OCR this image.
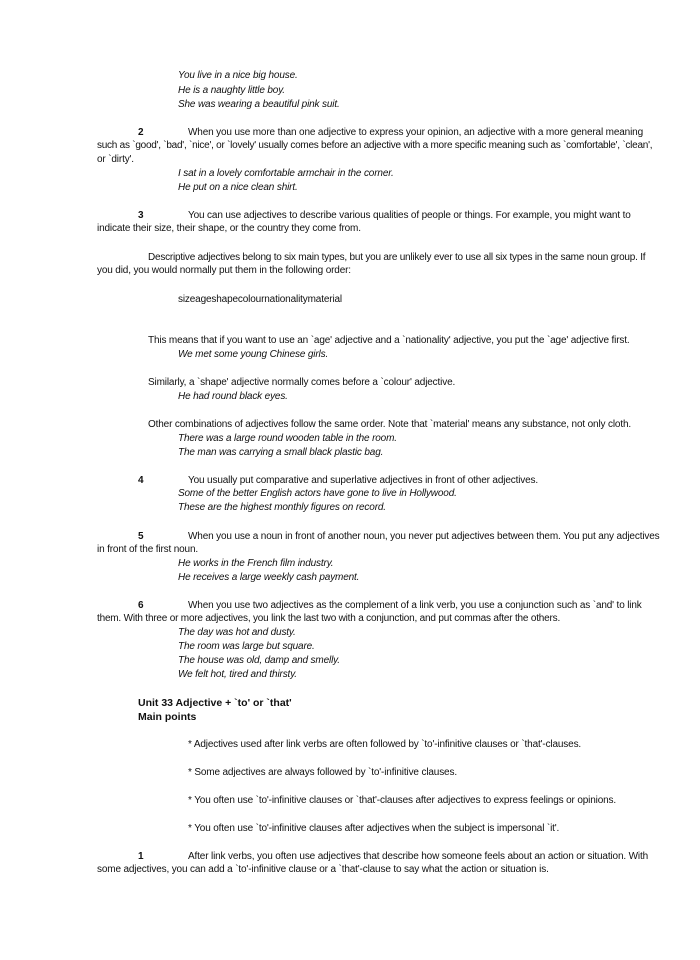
You live in a nice big house.
He is a naughty little boy.
She was wearing a beautiful pink suit.
2	When you use more than one adjective to express your opinion, an adjective with a more general meaning
such as `good', `bad', `nice', or `lovely' usually comes before an adjective with a more specific meaning such as `comfortable', `clean',
or `dirty'.
I sat in a lovely comfortable armchair in the corner.
He put on a nice clean shirt.
3	You can use adjectives to describe various qualities of people or things. For example, you might want to
indicate their size, their shape, or the country they come from.
Descriptive adjectives belong to six main types, but you are unlikely ever to use all six types in the same noun group. If
you did, you would normally put them in the following order:
sizeageshapecolournationalitymaterial
This means that if you want to use an `age' adjective and a `nationality' adjective, you put the `age' adjective first.
We met some young Chinese girls.
Similarly, a `shape' adjective normally comes before a `colour' adjective.
He had round black eyes.
Other combinations of adjectives follow the same order. Note that `material' means any substance, not only cloth.
There was a large round wooden table in the room.
The man was carrying a small black plastic bag.
4	You usually put comparative and superlative adjectives in front of other adjectives.
Some of the better English actors have gone to live in Hollywood.
These are the highest monthly figures on record.
5	When you use a noun in front of another noun, you never put adjectives between them. You put any adjectives
in front of the first noun.
He works in the French film industry.
He receives a large weekly cash payment.
6	When you use two adjectives as the complement of a link verb, you use a conjunction such as `and' to link
them. With three or more adjectives, you link the last two with a conjunction, and put commas after the others.
The day was hot and dusty.
The room was large but square.
The house was old, damp and smelly.
We felt hot, tired and thirsty.
Unit 33 Adjective + `to' or `that'
Main points
* Adjectives used after link verbs are often followed by `to'-infinitive clauses or `that'-clauses.
* Some adjectives are always followed by `to'-infinitive clauses.
* You often use `to'-infinitive clauses or `that'-clauses after adjectives to express feelings or opinions.
* You often use `to'-infinitive clauses after adjectives when the subject is impersonal `it'.
1	After link verbs, you often use adjectives that describe how someone feels about an action or situation. With
some adjectives, you can add a `to'-infinitive clause or a `that'-clause to say what the action or situation is.
